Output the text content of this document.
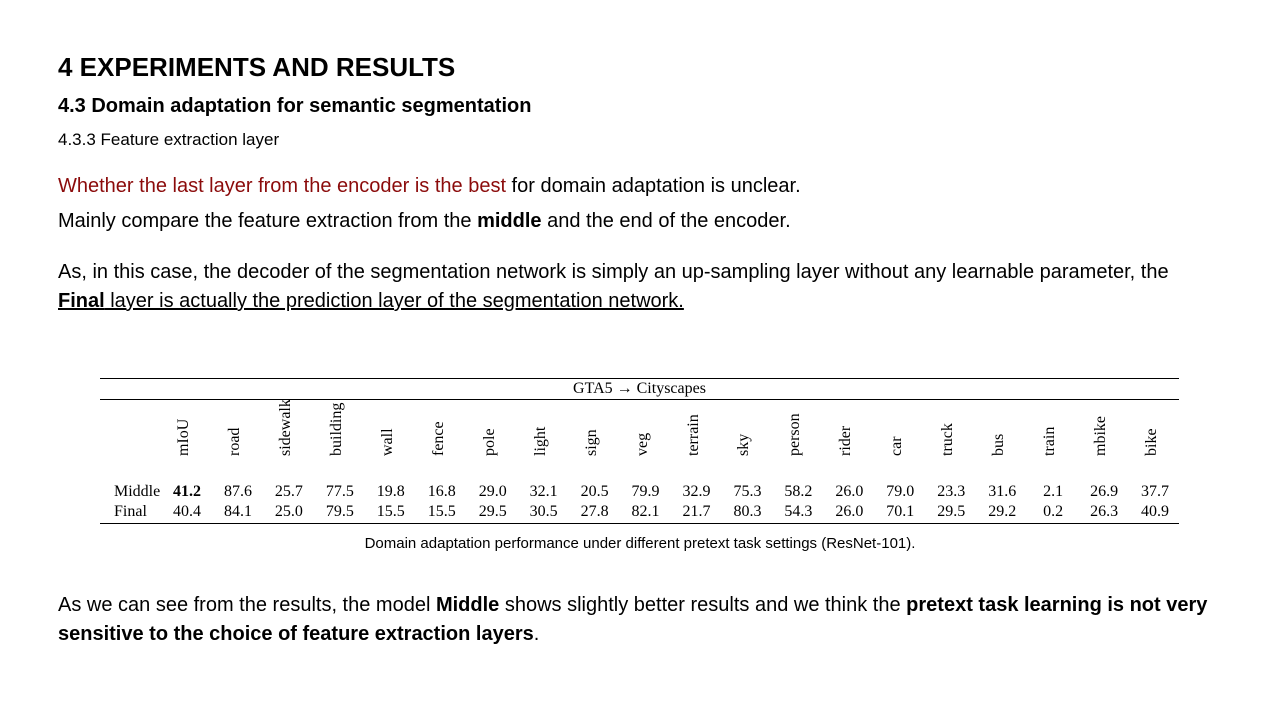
4 EXPERIMENTS AND RESULTS
4.3 Domain adaptation for semantic segmentation
4.3.3 Feature extraction layer
Whether the last layer from the encoder is the best for domain adaptation is unclear.
Mainly compare the feature extraction from the middle and the end of the encoder.
As, in this case, the decoder of the segmentation network is simply an up-sampling layer without any learnable parameter, the Final layer is actually the prediction layer of the segmentation network.
GTA5 → Cityscapes
mIoU road sidewalk building wall fence pole light sign veg terrain sky person rider car truck bus train mbike bike
Middle 41.2	87.6	25.7	77.5	19.8	16.8	29.0	32.1	20.5	79.9	32.9	75.3	58.2	26.0	79.0	23.3	31.6	2.1	26.9	37.7
Final	40.4	84.1	25.0	79.5	15.5	15.5	29.5	30.5	27.8	82.1	21.7	80.3	54.3	26.0	70.1	29.5	29.2	0.2	26.3	40.9
Domain adaptation performance under different pretext task settings (ResNet-101).
As we can see from the results, the model Middle shows slightly better results and we think the pretext task learning is not very sensitive to the choice of feature extraction layers.
